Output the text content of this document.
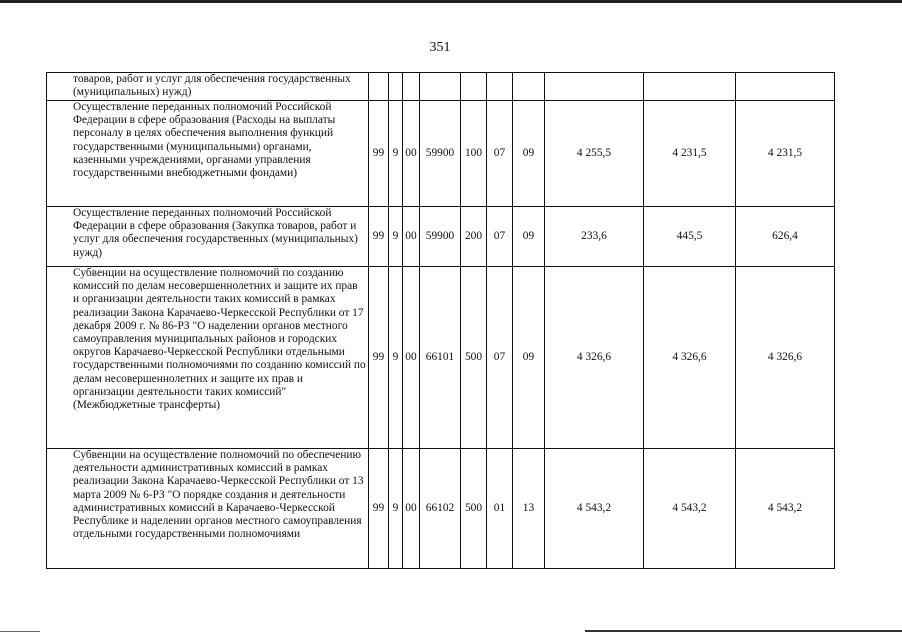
351
товаров, работ и услуг для обеспечения государственных (муниципальных) нужд)										
Осуществление переданных полномочий Российской Федерации в сфере образования (Расходы на выплаты персоналу в целях обеспечения выполнения функций государственными (муниципальными) органами, казенными учреждениями, органами управления государственными внебюджетными фондами)	99	9	00	59900	100	07	09	4 255,5	4 231,5	4 231,5
Осуществление переданных полномочий Российской Федерации в сфере образования (Закупка товаров, работ и услуг для обеспечения государственных (муниципальных) нужд)	99	9	00	59900	200	07	09	233,6	445,5	626,4
Субвенции на осуществление полномочий по созданию комиссий по делам несовершеннолетних и защите их прав и организации деятельности таких комиссий в рамках реализации Закона Карачаево-Черкесской Республики от 17 декабря 2009 г. № 86-РЗ "О наделении органов местного самоуправления муниципальных районов и городских округов Карачаево-Черкесской Республики отдельными государственными полномочиями по созданию комиссий по делам несовершеннолетних и защите их прав и организации деятельности таких комиссий" (Межбюджетные трансферты)	99	9	00	66101	500	07	09	4 326,6	4 326,6	4 326,6
Субвенции на осуществление полномочий по обеспечению деятельности административных комиссий в рамках реализации Закона Карачаево-Черкесской Республики от 13 марта 2009 № 6-РЗ "О порядке создания и деятельности административных комиссий в Карачаево-Черкесской Республике и наделении органов местного самоуправления отдельными государственными полномочиями	99	9	00	66102	500	01	13	4 543,2	4 543,2	4 543,2
